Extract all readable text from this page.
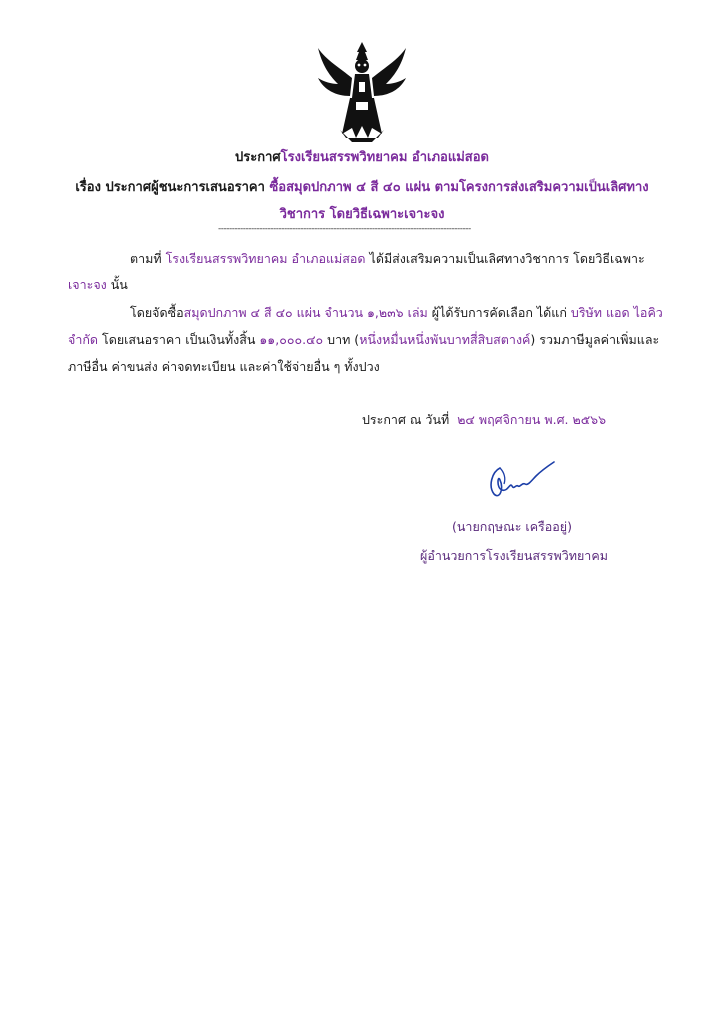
ประกาศโรงเรียนสรรพวิทยาคม อำเภอแม่สอด
เรื่อง ประกาศผู้ชนะการเสนอราคา ซื้อสมุดปกภาพ ๔ สี ๔๐ แผ่น ตามโครงการส่งเสริมความเป็นเลิศทาง
วิชาการ โดยวิธีเฉพาะเจาะจง
--------------------------------------------------------------------------------------------
ตามที่ โรงเรียนสรรพวิทยาคม อำเภอแม่สอด ได้มีส่งเสริมความเป็นเลิศทางวิชาการ โดยวิธีเฉพาะ
เจาะจง นั้น
โดยจัดซื้อสมุดปกภาพ ๔ สี ๔๐ แผ่น จำนวน ๑,๒๓๖ เล่ม ผู้ได้รับการคัดเลือก ได้แก่ บริษัท แอด ไอคิว
จำกัด โดยเสนอราคา เป็นเงินทั้งสิ้น ๑๑,๐๐๐.๔๐ บาท (หนึ่งหมื่นหนึ่งพันบาทสี่สิบสตางค์) รวมภาษีมูลค่าเพิ่มและ
ภาษีอื่น ค่าขนส่ง ค่าจดทะเบียน และค่าใช้จ่ายอื่น ๆ ทั้งปวง
ประกาศ ณ วันที่ ๒๔ พฤศจิกายน พ.ศ. ๒๕๖๖
(นายกฤษณะ เครืออยู่)
ผู้อำนวยการโรงเรียนสรรพวิทยาคม
